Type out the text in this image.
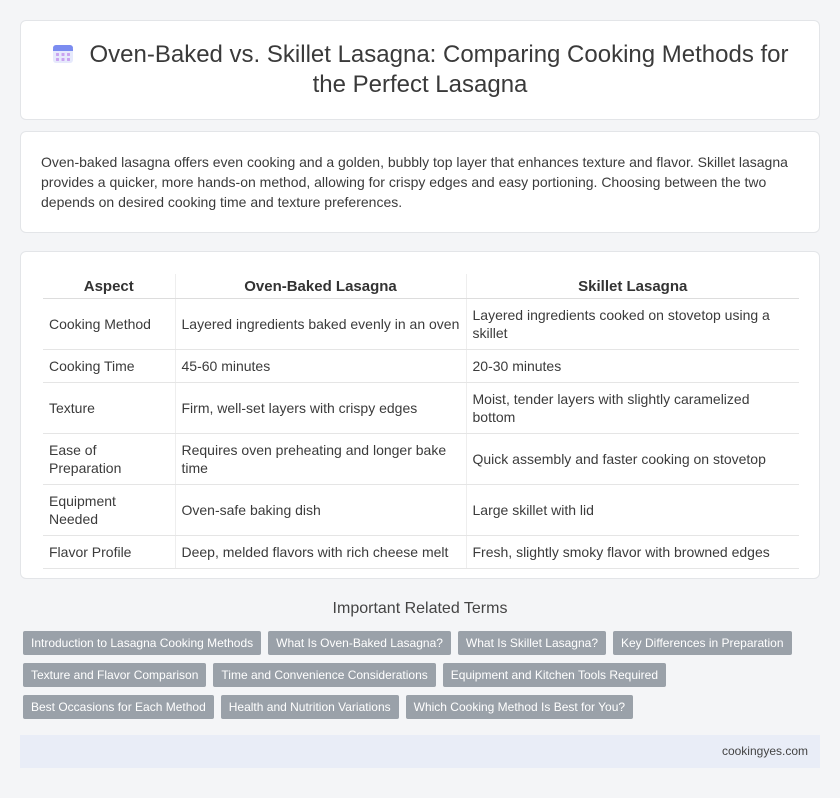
Oven-Baked vs. Skillet Lasagna: Comparing Cooking Methods for the Perfect Lasagna

Oven-baked lasagna offers even cooking and a golden, bubbly top layer that enhances texture and flavor. Skillet lasagna provides a quicker, more hands-on method, allowing for crispy edges and easy portioning. Choosing between the two depends on desired cooking time and texture preferences.

Aspect	Oven-Baked Lasagna	Skillet Lasagna
Cooking Method	Layered ingredients baked evenly in an oven	Layered ingredients cooked on stovetop using a skillet
Cooking Time	45-60 minutes	20-30 minutes
Texture	Firm, well-set layers with crispy edges	Moist, tender layers with slightly caramelized bottom
Ease of Preparation	Requires oven preheating and longer bake time	Quick assembly and faster cooking on stovetop
Equipment Needed	Oven-safe baking dish	Large skillet with lid
Flavor Profile	Deep, melded flavors with rich cheese melt	Fresh, slightly smoky flavor with browned edges
Important Related Terms
Introduction to Lasagna Cooking Methods	What Is Oven-Baked Lasagna?	What Is Skillet Lasagna?	Key Differences in Preparation
Texture and Flavor Comparison	Time and Convenience Considerations	Equipment and Kitchen Tools Required
Best Occasions for Each Method	Health and Nutrition Variations	Which Cooking Method Is Best for You?
cookingyes.com
